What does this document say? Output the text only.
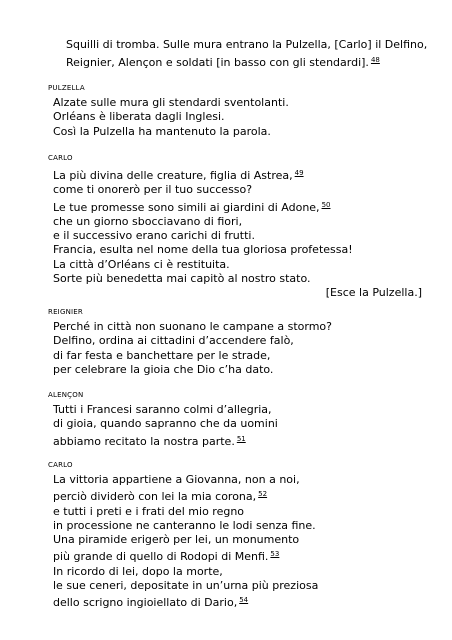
Squilli di tromba. Sulle mura entrano la Pulzella, [Carlo] il Delfino,
Reignier, Alençon e soldati [in basso con gli stendardi]. $^{48}$
PULZELLA
Alzate sulle mura gli stendardi sventolanti.
Orléans è liberata dagli Inglesi.
Così la Pulzella ha mantenuto la parola.
CARLO
La più divina delle creature, figlia di Astrea, $^{49}$
come ti onorerò per il tuo successo?
Le tue promesse sono simili ai giardini di Adone, $^{50}$
che un giorno sbocciavano di fiori,
e il successivo erano carichi di frutti.
Francia, esulta nel nome della tua gloriosa profetessa!
La città d’Orléans ci è restituita.
Sorte più benedetta mai capitò al nostro stato.
[Esce la Pulzella.]
REIGNIER
Perché in città non suonano le campane a stormo?
Delfino, ordina ai cittadini d’accendere falò,
di far festa e banchettare per le strade,
per celebrare la gioia che Dio c’ha dato.
ALENÇON
Tutti i Francesi saranno colmi d’allegria,
di gioia, quando sapranno che da uomini
abbiamo recitato la nostra parte. $^{51}$
CARLO
La vittoria appartiene a Giovanna, non a noi,
perciò dividerò con lei la mia corona, $^{52}$
e tutti i preti e i frati del mio regno
in processione ne canteranno le lodi senza fine.
Una piramide erigerò per lei, un monumento
più grande di quello di Rodopi di Menfi. $^{53}$
In ricordo di lei, dopo la morte,
le sue ceneri, depositate in un’urna più preziosa
dello scrigno ingioiellato di Dario, $^{54}$
